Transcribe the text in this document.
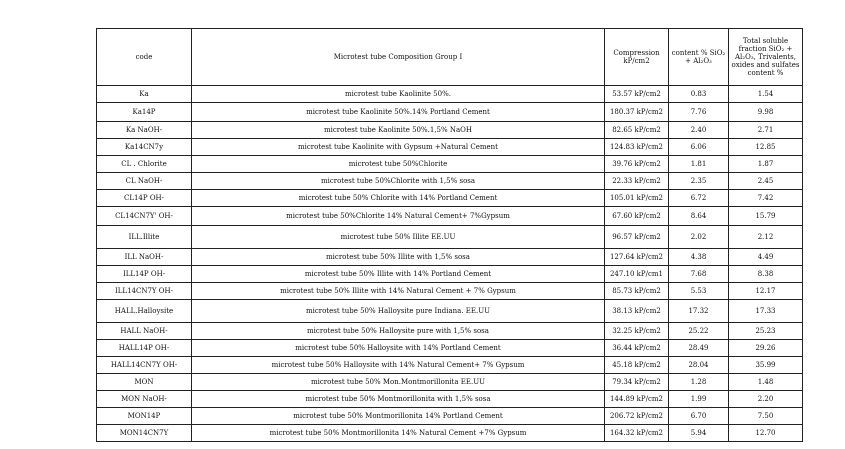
code	Microtest tube Composition Group I	Compression kP/cm2	content % SiO₂ + Al₂O₃	Total soluble fraction SiO₂ + Al₂O₃, Trivalents, oxides and sulfates content %
Ka	microtest tube Kaolinite 50%.	53.57 kP/cm2	0.83	1.54
Ka14P	microtest tube Kaolinite 50%.14% Portland Cement	180.37 kP/cm2	7.76	9.98
Ka NaOH-	microtest tube Kaolinite 50%.1,5% NaOH	82.65 kP/cm2	2.40	2.71
Ka14CN7y	microtest tube Kaolinite with Gypsum +Natural Cement	124.83 kP/cm2	6.06	12.85
CL . Chlorite	microtest tube 50%Chlorite	39.76 kP/cm2	1.81	1.87
CL NaOH-	microtest tube 50%Chlorite with 1,5% sosa	22.33 kP/cm2	2.35	2.45
CL14P OH-	microtest tube 50% Chlorite with 14% Portland Cement	105.01 kP/cm2	6.72	7.42
CL14CN7Y' OH-	microtest tube 50%Chlorite 14% Natural Cement+ 7%Gypsum	67.60 kP/cm2	8.64	15.79
ILL.Illite	microtest tube 50% Illite EE.UU	96.57 kP/cm2	2.02	2.12
ILL NaOH-	microtest tube 50% Illite with 1,5% sosa	127.64 kP/cm2	4.38	4.49
ILL14P OH-	microtest tube 50% Illite with 14% Portland Cement	247.10 kP/cm1	7.68	8.38
ILL14CN7Y OH-	microtest tube 50% Illite with 14% Natural Cement + 7% Gypsum	85.73 kP/cm2	5.53	12.17
HALL.Halloysite	microtest tube 50% Halloysite pure Indiana. EE.UU	38.13 kP/cm2	17.32	17.33
HALL NaOH-	microtest tube 50% Halloysite pure with 1,5% sosa	32.25 kP/cm2	25.22	25.23
HALL14P OH-	microtest tube 50% Halloysite with 14% Portland Cement	36.44 kP/cm2	28.49	29.26
HALL14CN7Y OH-	microtest tube 50% Halloysite with 14% Natural Cement+ 7% Gypsum	45.18 kP/cm2	28.04	35.99
MON	microtest tube 50% Mon.Montmorillonita EE.UU	79.34 kP/cm2	1.28	1.48
MON NaOH-	microtest tube 50% Montmorillonita with 1,5% sosa	144.89 kP/cm2	1.99	2.20
MON14P	microtest tube 50% Montmorillonita 14% Portland Cement	206.72 kP/cm2	6.70	7.50
MON14CN7Y	microtest tube 50% Montmorillonita 14% Natural Cement +7% Gypsum	164.32 kP/cm2	5.94	12.70
